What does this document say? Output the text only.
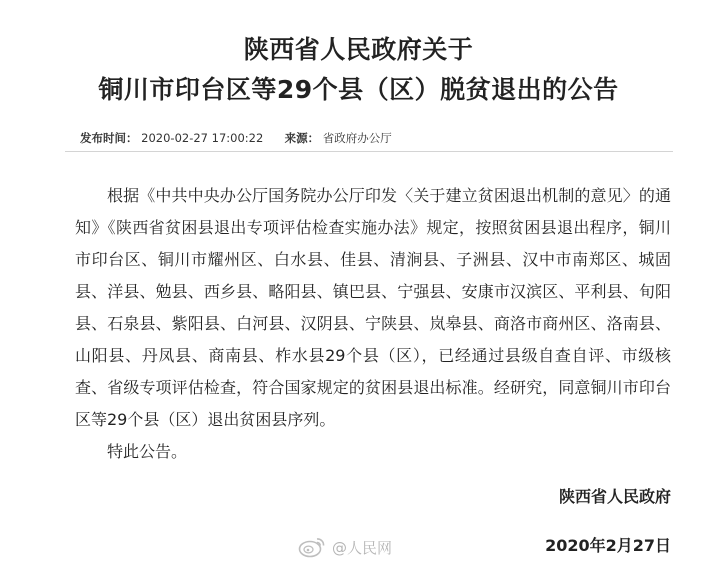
陕西省人民政府关于
铜川市印台区等29个县（区）脱贫退出的公告
发布时间： 2020-02-27 17:00:22 来源： 省政府办公厅

根据《中共中央办公厅国务院办公厅印发〈关于建立贫困退出机制的意见〉的通知》《陕西省贫困县退出专项评估检查实施办法》规定，按照贫困县退出程序，铜川市印台区、铜川市耀州区、白水县、佳县、清涧县、子洲县、汉中市南郑区、城固县、洋县、勉县、西乡县、略阳县、镇巴县、宁强县、安康市汉滨区、平利县、旬阳县、石泉县、紫阳县、白河县、汉阴县、宁陕县、岚皋县、商洛市商州区、洛南县、山阳县、丹凤县、商南县、柞水县29个县（区），已经通过县级自查自评、市级核查、省级专项评估检查，符合国家规定的贫困县退出标准。经研究，同意铜川市印台区等29个县（区）退出贫困县序列。

特此公告。

陕西省人民政府
@人民网	2020年2月27日
